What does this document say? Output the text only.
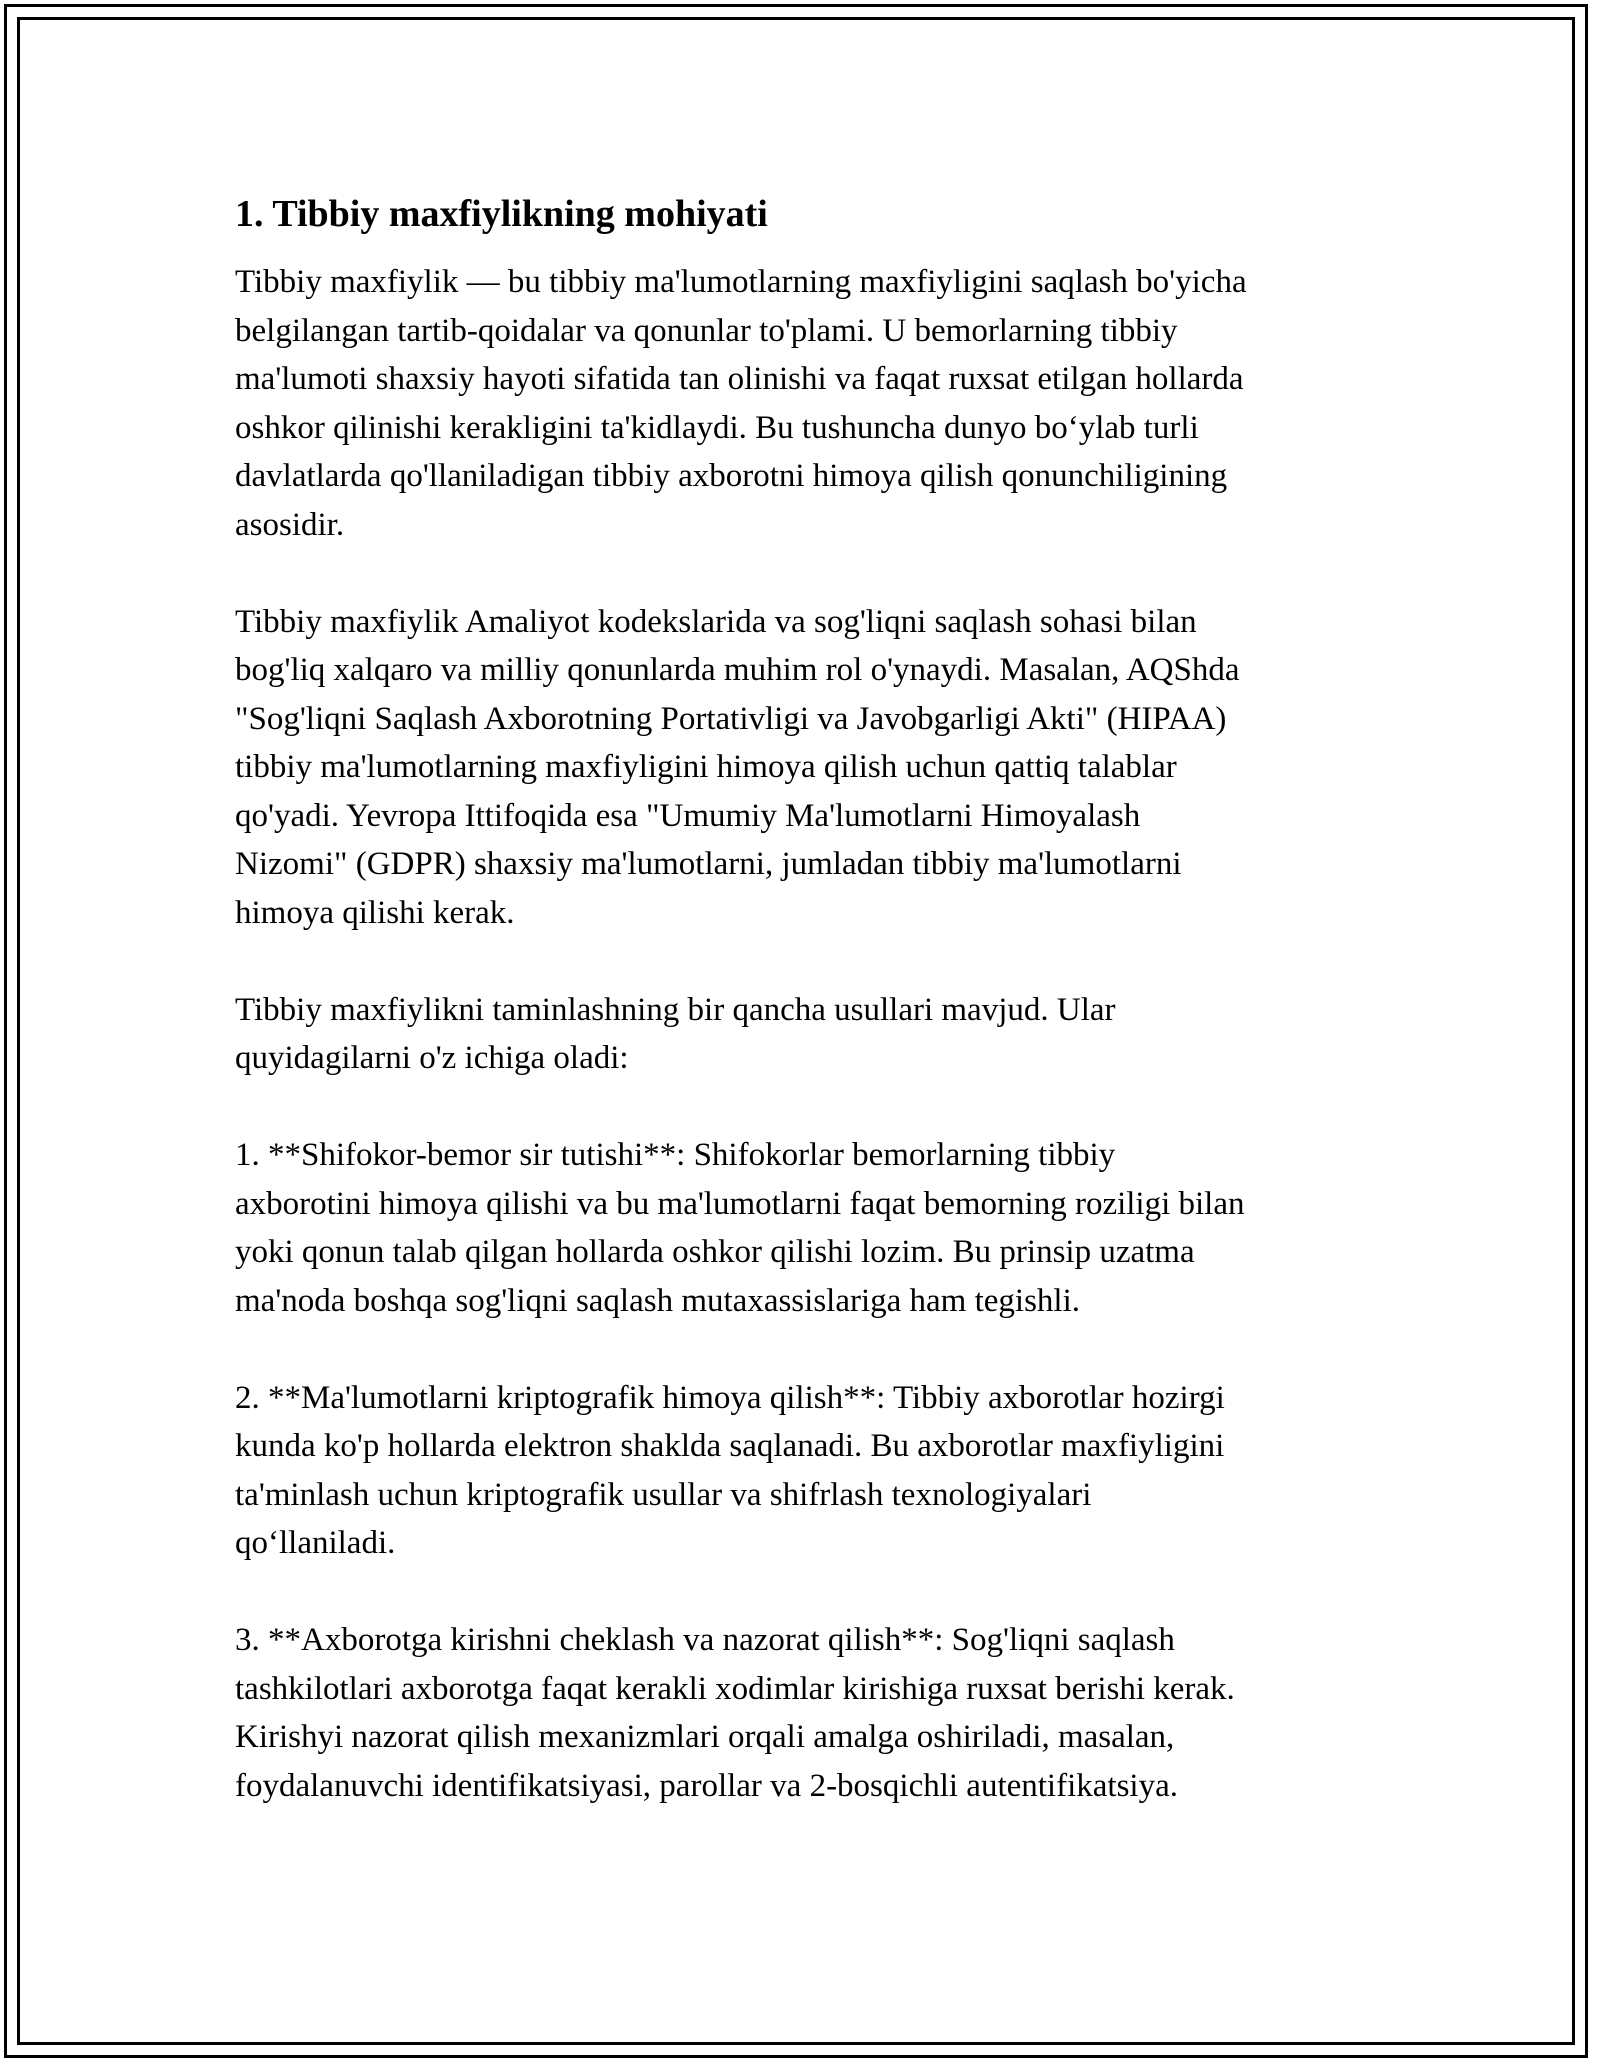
1. Tibbiy maxfiylikning mohiyati

Tibbiy maxfiylik — bu tibbiy ma'lumotlarning maxfiyligini saqlash bo'yicha
belgilangan tartib-qoidalar va qonunlar to'plami. U bemorlarning tibbiy
ma'lumoti shaxsiy hayoti sifatida tan olinishi va faqat ruxsat etilgan hollarda
oshkor qilinishi kerakligini ta'kidlaydi. Bu tushuncha dunyo bo‘ylab turli
davlatlarda qo'llaniladigan tibbiy axborotni himoya qilish qonunchiligining
asosidir.

Tibbiy maxfiylik Amaliyot kodekslarida va sog'liqni saqlash sohasi bilan
bog'liq xalqaro va milliy qonunlarda muhim rol o'ynaydi. Masalan, AQShda
"Sog'liqni Saqlash Axborotning Portativligi va Javobgarligi Akti" (HIPAA)
tibbiy ma'lumotlarning maxfiyligini himoya qilish uchun qattiq talablar
qo'yadi. Yevropa Ittifoqida esa "Umumiy Ma'lumotlarni Himoyalash
Nizomi" (GDPR) shaxsiy ma'lumotlarni, jumladan tibbiy ma'lumotlarni
himoya qilishi kerak.

Tibbiy maxfiylikni taminlashning bir qancha usullari mavjud. Ular
quyidagilarni o'z ichiga oladi:

1. **Shifokor-bemor sir tutishi**: Shifokorlar bemorlarning tibbiy
axborotini himoya qilishi va bu ma'lumotlarni faqat bemorning roziligi bilan
yoki qonun talab qilgan hollarda oshkor qilishi lozim. Bu prinsip uzatma
ma'noda boshqa sog'liqni saqlash mutaxassislariga ham tegishli.

2. **Ma'lumotlarni kriptografik himoya qilish**: Tibbiy axborotlar hozirgi
kunda ko'p hollarda elektron shaklda saqlanadi. Bu axborotlar maxfiyligini
ta'minlash uchun kriptografik usullar va shifrlash texnologiyalari
qo‘llaniladi.

3. **Axborotga kirishni cheklash va nazorat qilish**: Sog'liqni saqlash
tashkilotlari axborotga faqat kerakli xodimlar kirishiga ruxsat berishi kerak.
Kirishyi nazorat qilish mexanizmlari orqali amalga oshiriladi, masalan,
foydalanuvchi identifikatsiyasi, parollar va 2-bosqichli autentifikatsiya.
